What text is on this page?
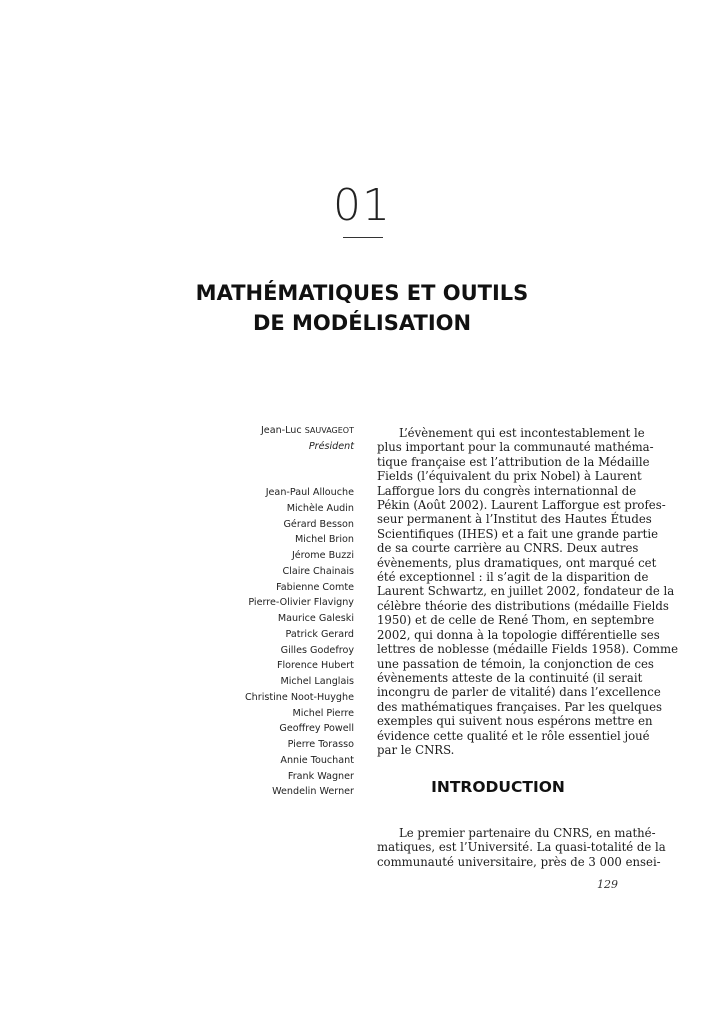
01
MATHÉMATIQUES ET OUTILS
DE MODÉLISATION
Jean-Luc SAUVAGEOT
Président
Jean-Paul Allouche
Michèle Audin
Gérard Besson
Michel Brion
Jérome Buzzi
Claire Chainais
Fabienne Comte
Pierre-Olivier Flavigny
Maurice Galeski
Patrick Gerard
Gilles Godefroy
Florence Hubert
Michel Langlais
Christine Noot-Huyghe
Michel Pierre
Geoffrey Powell
Pierre Torasso
Annie Touchant
Frank Wagner
Wendelin Werner
L’évènement qui est incontestablement le
plus important pour la communauté mathéma-
tique française est l’attribution de la Médaille
Fields (l’équivalent du prix Nobel) à Laurent
Lafforgue lors du congrès internationnal de
Pékin (Août 2002). Laurent Lafforgue est profes-
seur permanent à l’Institut des Hautes Études
Scientifiques (IHES) et a fait une grande partie
de sa courte carrière au CNRS. Deux autres
évènements, plus dramatiques, ont marqué cet
été exceptionnel : il s’agit de la disparition de
Laurent Schwartz, en juillet 2002, fondateur de la
célèbre théorie des distributions (médaille Fields
1950) et de celle de René Thom, en septembre
2002, qui donna à la topologie différentielle ses
lettres de noblesse (médaille Fields 1958). Comme
une passation de témoin, la conjonction de ces
évènements atteste de la continuité (il serait
incongru de parler de vitalité) dans l’excellence
des mathématiques françaises. Par les quelques
exemples qui suivent nous espérons mettre en
évidence cette qualité et le rôle essentiel joué
par le CNRS.
INTRODUCTION
Le premier partenaire du CNRS, en mathé-
matiques, est l’Université. La quasi-totalité de la
communauté universitaire, près de 3 000 ensei-
129
